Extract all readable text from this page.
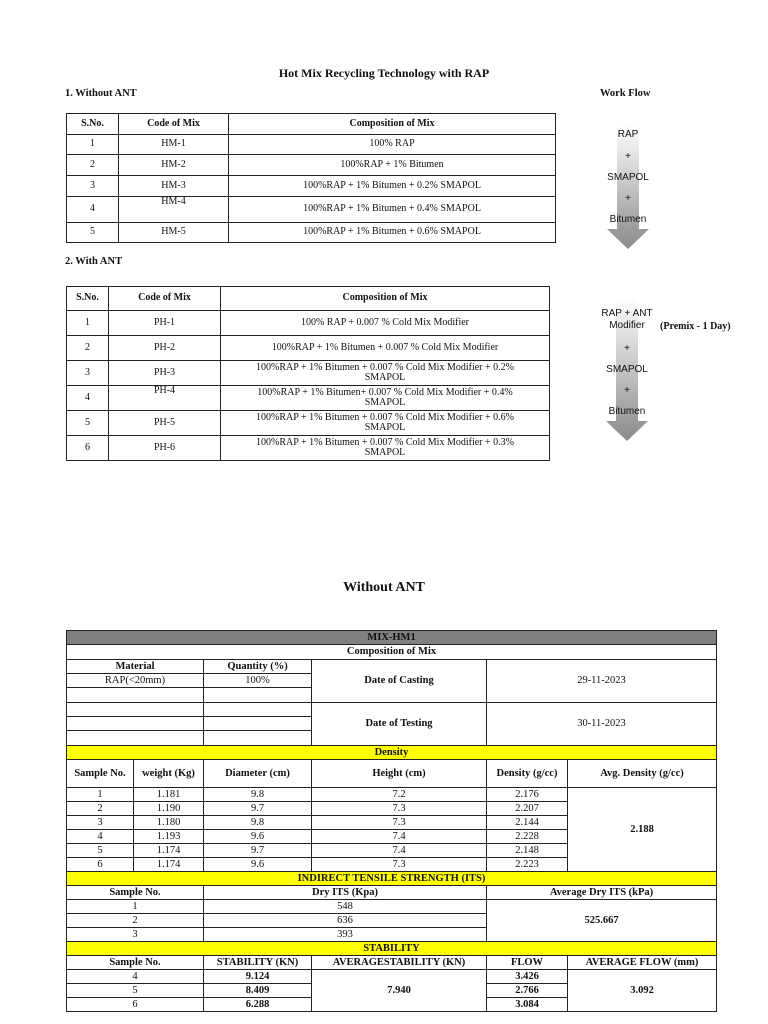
Hot Mix Recycling Technology with RAP
1. Without ANT	Work Flow
S.No.	Code of Mix	Composition of Mix
1	HM-1	100% RAP
2	HM-2	100%RAP + 1% Bitumen
3	HM-3	100%RAP + 1% Bitumen + 0.2% SMAPOL
4	HM-4	100%RAP + 1% Bitumen + 0.4% SMAPOL
5	HM-5	100%RAP + 1% Bitumen + 0.6% SMAPOL
RAP
+
SMAPOL
+
Bitumen
2. With ANT
S.No.	Code of Mix	Composition of Mix
1	PH-1	100% RAP + 0.007 % Cold Mix Modifier
2	PH-2	100%RAP + 1% Bitumen + 0.007 % Cold Mix Modifier
3	PH-3	100%RAP + 1% Bitumen + 0.007 % Cold Mix Modifier + 0.2%
SMAPOL
4	PH-4	100%RAP + 1% Bitumen+ 0.007 % Cold Mix Modifier + 0.4%
SMAPOL
5	PH-5	100%RAP + 1% Bitumen + 0.007 % Cold Mix Modifier + 0.6%
SMAPOL
6	PH-6	100%RAP + 1% Bitumen + 0.007 % Cold Mix Modifier + 0.3%
SMAPOL
RAP + ANT
Modifier
+
SMAPOL
+
Bitumen
(Premix - 1 Day)
Without ANT
MIX-HM1					
Composition of Mix					
Material		Quantity (%)	Date of Casting	29-11-2023	
RAP(<20mm)		100%			

			Date of Testing	30-11-2023	

Density					
Sample No.	weight (Kg)	Diameter (cm)	Height (cm)	Density (g/cc)	Avg. Density (g/cc)
1	1.181	9.8	7.2	2.176	2.188
2	1.190	9.7	7.3	2.207	
3	1.180	9.8	7.3	2.144	
4	1.193	9.6	7.4	2.228	
5	1.174	9.7	7.4	2.148	
6	1.174	9.6	7.3	2.223	
INDIRECT TENSILE STRENGTH (ITS)					
Sample No.		Dry ITS (Kpa)		Average Dry ITS (kPa)	
1		548		525.667	
2		636			
3		393			
STABILITY					
Sample No.		STABILITY (KN)	AVERAGESTABILITY (KN)	FLOW	AVERAGE FLOW (mm)
4		9.124	7.940	3.426	3.092
5		8.409		2.766	
6		6.288		3.084	
